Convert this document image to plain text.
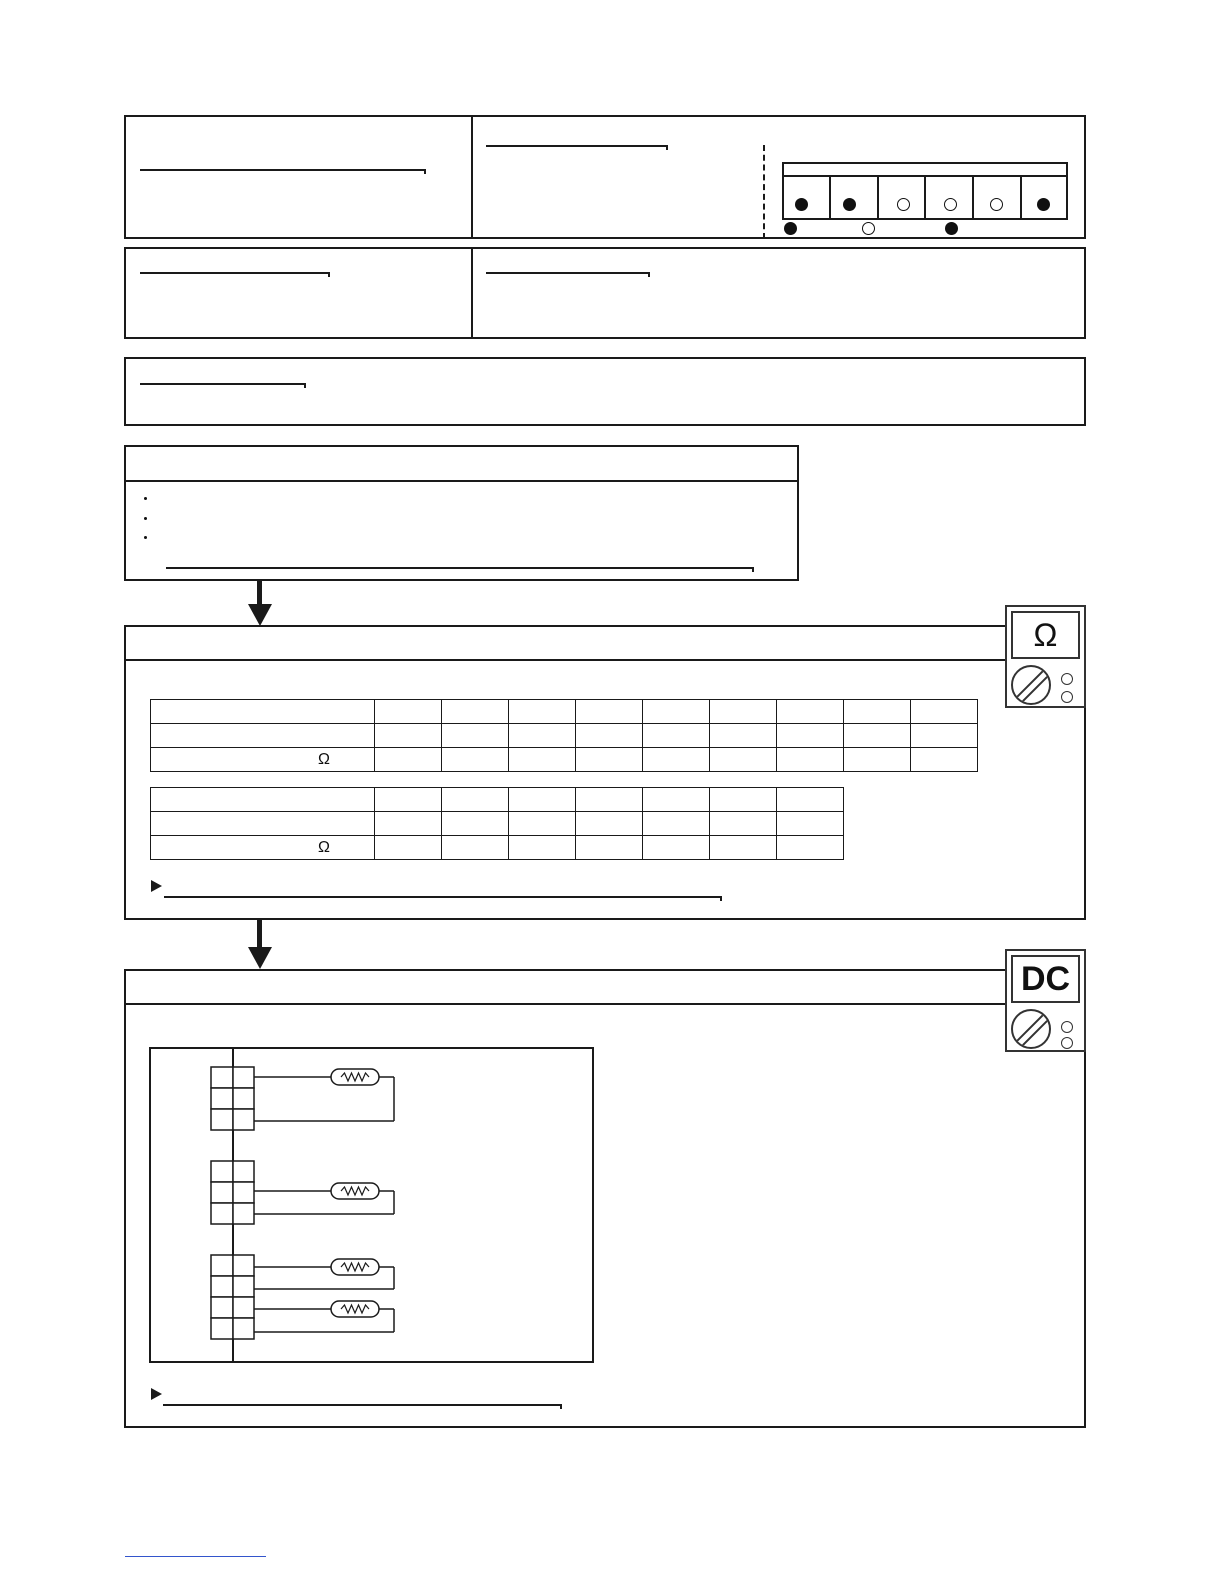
Ω

Ω									

Ω							
DC
